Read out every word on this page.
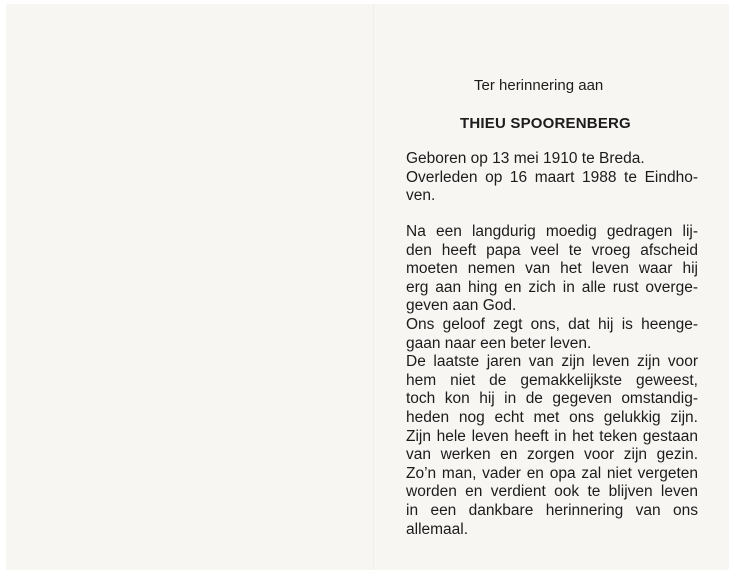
Ter herinnering aan
THIEU SPOORENBERG
Geboren op 13 mei 1910 te Breda.
Overleden op 16 maart 1988 te Eindho-
ven.
Na een langdurig moedig gedragen lij-
den heeft papa veel te vroeg afscheid
moeten nemen van het leven waar hij
erg aan hing en zich in alle rust overge-
geven aan God.
Ons geloof zegt ons, dat hij is heenge-
gaan naar een beter leven.
De laatste jaren van zijn leven zijn voor
hem niet de gemakkelijkste geweest,
toch kon hij in de gegeven omstandig-
heden nog echt met ons gelukkig zijn.
Zijn hele leven heeft in het teken gestaan
van werken en zorgen voor zijn gezin.
Zo’n man, vader en opa zal niet vergeten
worden en verdient ook te blijven leven
in een dankbare herinnering van ons
allemaal.
